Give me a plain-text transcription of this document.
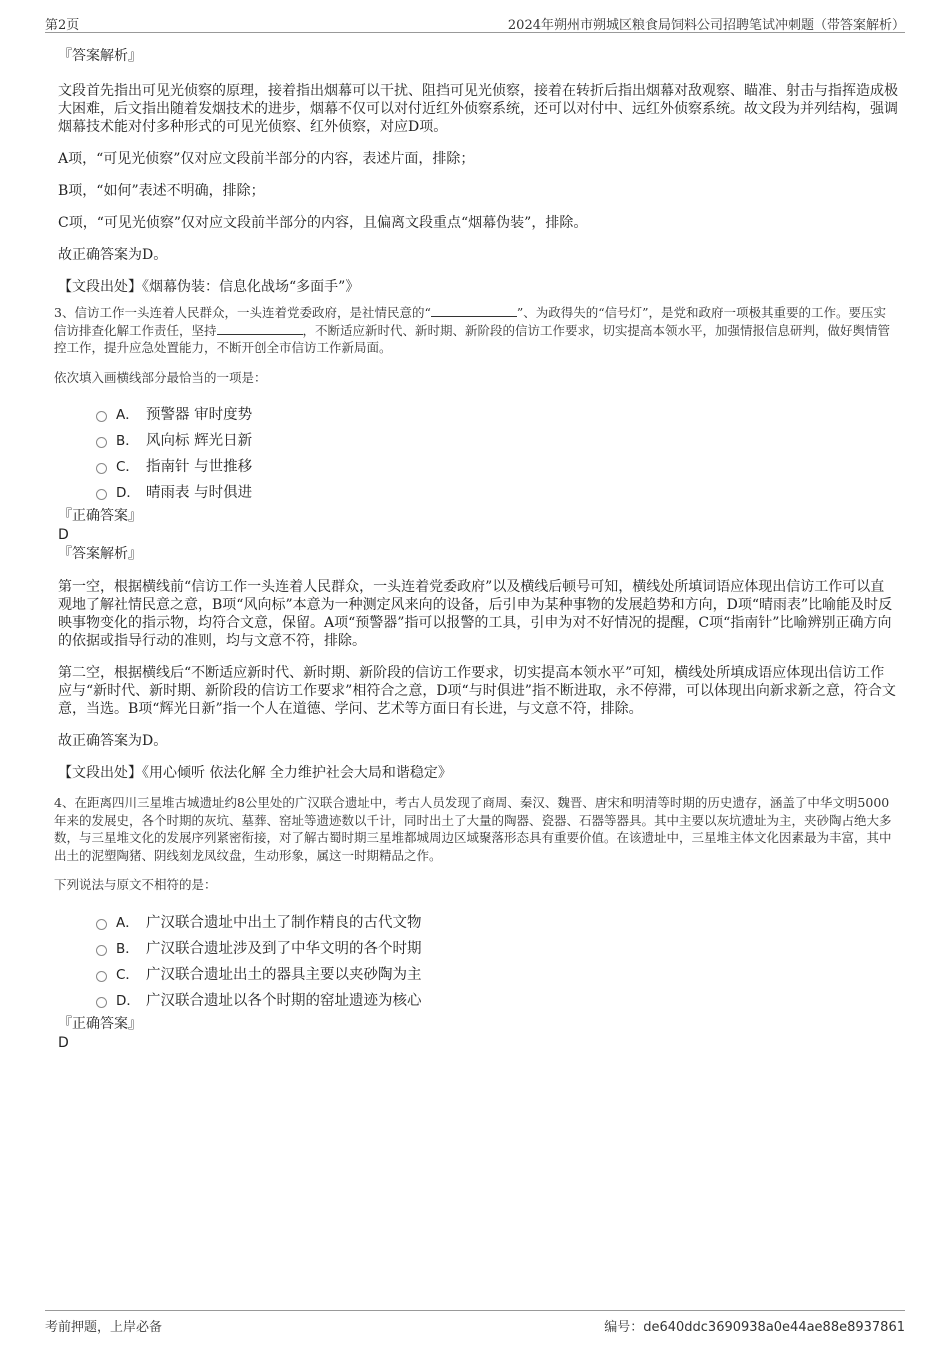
第2页	2024年朔州市朔城区粮食局饲料公司招聘笔试冲刺题（带答案解析）

『答案解析』

文段首先指出可见光侦察的原理，接着指出烟幕可以干扰、阻挡可见光侦察，接着在转折后指出烟幕对敌观察、瞄准、射击与指挥造成极大困难，后文指出随着发烟技术的进步，烟幕不仅可以对付近红外侦察系统，还可以对付中、远红外侦察系统。故文段为并列结构，强调烟幕技术能对付多种形式的可见光侦察、红外侦察，对应D项。

A项，“可见光侦察”仅对应文段前半部分的内容，表述片面，排除；

B项，“如何”表述不明确，排除；

C项，“可见光侦察”仅对应文段前半部分的内容，且偏离文段重点“烟幕伪装”，排除。

故正确答案为D。

【文段出处】《烟幕伪装：信息化战场“多面手”》

3、信访工作一头连着人民群众，一头连着党委政府，是社情民意的“	”、为政得失的“信号灯”，是党和政府一项极其重要的工作。要压实信访排查化解工作责任，坚持	，不断适应新时代、新时期、新阶段的信访工作要求，切实提高本领水平，加强情报信息研判，做好舆情管控工作，提升应急处置能力，不断开创全市信访工作新局面。

依次填入画横线部分最恰当的一项是：

A． 预警器 审时度势
B． 风向标 辉光日新
C． 指南针 与世推移
D． 晴雨表 与时俱进

『正确答案』

D

『答案解析』

第一空，根据横线前“信访工作一头连着人民群众，一头连着党委政府”以及横线后顿号可知，横线处所填词语应体现出信访工作可以直观地了解社情民意之意，B项“风向标”本意为一种测定风来向的设备，后引申为某种事物的发展趋势和方向，D项“晴雨表”比喻能及时反映事物变化的指示物，均符合文意，保留。A项“预警器”指可以报警的工具，引申为对不好情况的提醒，C项“指南针”比喻辨别正确方向的依据或指导行动的准则，均与文意不符，排除。

第二空，根据横线后“不断适应新时代、新时期、新阶段的信访工作要求，切实提高本领水平”可知，横线处所填成语应体现出信访工作应与“新时代、新时期、新阶段的信访工作要求”相符合之意，D项“与时俱进”指不断进取，永不停滞，可以体现出向新求新之意，符合文意，当选。B项“辉光日新”指一个人在道德、学问、艺术等方面日有长进，与文意不符，排除。

故正确答案为D。

【文段出处】《用心倾听 依法化解 全力维护社会大局和谐稳定》

4、在距离四川三星堆古城遗址约8公里处的广汉联合遗址中，考古人员发现了商周、秦汉、魏晋、唐宋和明清等时期的历史遗存，涵盖了中华文明5000年来的发展史，各个时期的灰坑、墓葬、窑址等遗迹数以千计，同时出土了大量的陶器、瓷器、石器等器具。其中主要以灰坑遗址为主，夹砂陶占绝大多数，与三星堆文化的发展序列紧密衔接，对了解古蜀时期三星堆都城周边区域聚落形态具有重要价值。在该遗址中，三星堆主体文化因素最为丰富，其中出土的泥塑陶猪、阴线刻龙凤纹盘，生动形象，属这一时期精品之作。

下列说法与原文不相符的是：

A． 广汉联合遗址中出土了制作精良的古代文物
B． 广汉联合遗址涉及到了中华文明的各个时期
C． 广汉联合遗址出土的器具主要以夹砂陶为主
D． 广汉联合遗址以各个时期的窑址遗迹为核心

『正确答案』

D

考前押题，上岸必备	编号：de640ddc3690938a0e44ae88e8937861
